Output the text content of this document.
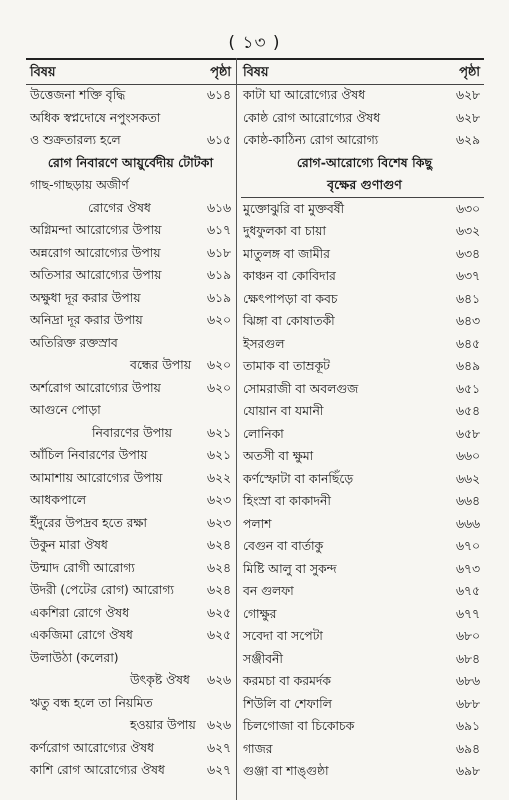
( ১৩ )
বিষয়	পৃষ্ঠা
উত্তেজনা শক্তি বৃদ্ধি	৬১৪
অধিক স্বপ্নদোষে নপুংসকতা
ও শুক্রতারল্য হলে	৬১৫
রোগ নিবারণে আয়ুর্বেদীয় টোটকা
গাছ-গাছড়ায় অজীর্ণ
রোগের ঔষধ	৬১৬
অগ্নিমন্দা আরোগ্যের উপায়	৬১৭
অন্নরোগ আরোগ্যের উপায়	৬১৮
অতিসার আরোগ্যের উপায়	৬১৯
অক্ষুধা দূর করার উপায়	৬১৯
অনিদ্রা দূর করার উপায়	৬২০
অতিরিক্ত রক্তস্রাব
বন্ধের উপায় ৬২০
অর্শরোগ আরোগ্যের উপায়	৬২০
আগুনে পোড়া
নিবারণের উপায়	৬২১
আঁচিল নিবারণের উপায়	৬২১
আমাশায় আরোগ্যের উপায়	৬২২
আধকপালে	৬২৩
ইঁদুরের উপদ্রব হতে রক্ষা	৬২৩
উকুন মারা ঔষধ	৬২৪
উন্মাদ রোগী আরোগ্য	৬২৪
উদরী (পেটের রোগ) আরোগ্য	৬২৪
একশিরা রোগে ঔষধ	৬২৫
একজিমা রোগে ঔষধ	৬২৫
উলাউঠা (কলেরা)
উৎকৃষ্ট ঔষধ ৬২৬
ঋতু বন্ধ হলে তা নিয়মিত
হওয়ার উপায় ৬২৬
কর্ণরোগ আরোগ্যের ঔষধ	৬২৭
কাশি রোগ আরোগ্যের ঔষধ	৬২৭
বিষয়	পৃষ্ঠা
কাটা ঘা আরোগ্যের ঔষধ	৬২৮
কোষ্ঠ রোগ আরোগ্যের ঔষধ	৬২৮
কোষ্ঠ-কাঠিন্য রোগ আরোগ্য	৬২৯
রোগ-আরোগ্যে বিশেষ কিছু
বৃক্ষের গুণাগুণ
মুক্তোঝুরি বা মুক্তবর্ষী	৬৩০
দুধফুলকা বা চায়া	৬৩২
মাতুলঙ্গ বা জামীর	৬৩৪
কাঞ্চন বা কোবিদার	৬৩৭
ক্ষেৎপাপড়া বা কবচ	৬৪১
ঝিঙ্গা বা কোষাতকী	৬৪৩
ইসরগুল	৬৪৫
তামাক বা তাম্রকূট	৬৪৯
সোমরাজী বা অবলগুজ	৬৫১
যোয়ান বা যমানী	৬৫৪
লোনিকা	৬৫৮
অতসী বা ক্ষুমা	৬৬০
কর্ণস্ফোটা বা কানছিঁড়ে	৬৬২
হিংস্রা বা কাকাদনী	৬৬৪
পলাশ	৬৬৬
বেগুন বা বার্তাকু	৬৭০
মিষ্টি আলু বা সুকন্দ	৬৭৩
বন গুলফা	৬৭৫
গোক্ষুর	৬৭৭
সবেদা বা সপেটা	৬৮০
সঞ্জীবনী	৬৮৪
করমচা বা করমর্দক	৬৮৬
শিউলি বা শেফালি	৬৮৮
চিলগোজা বা চিকোচক	৬৯১
গাজর	৬৯৪
গুঞ্জা বা শাঙ্গুষ্ঠা	৬৯৮
